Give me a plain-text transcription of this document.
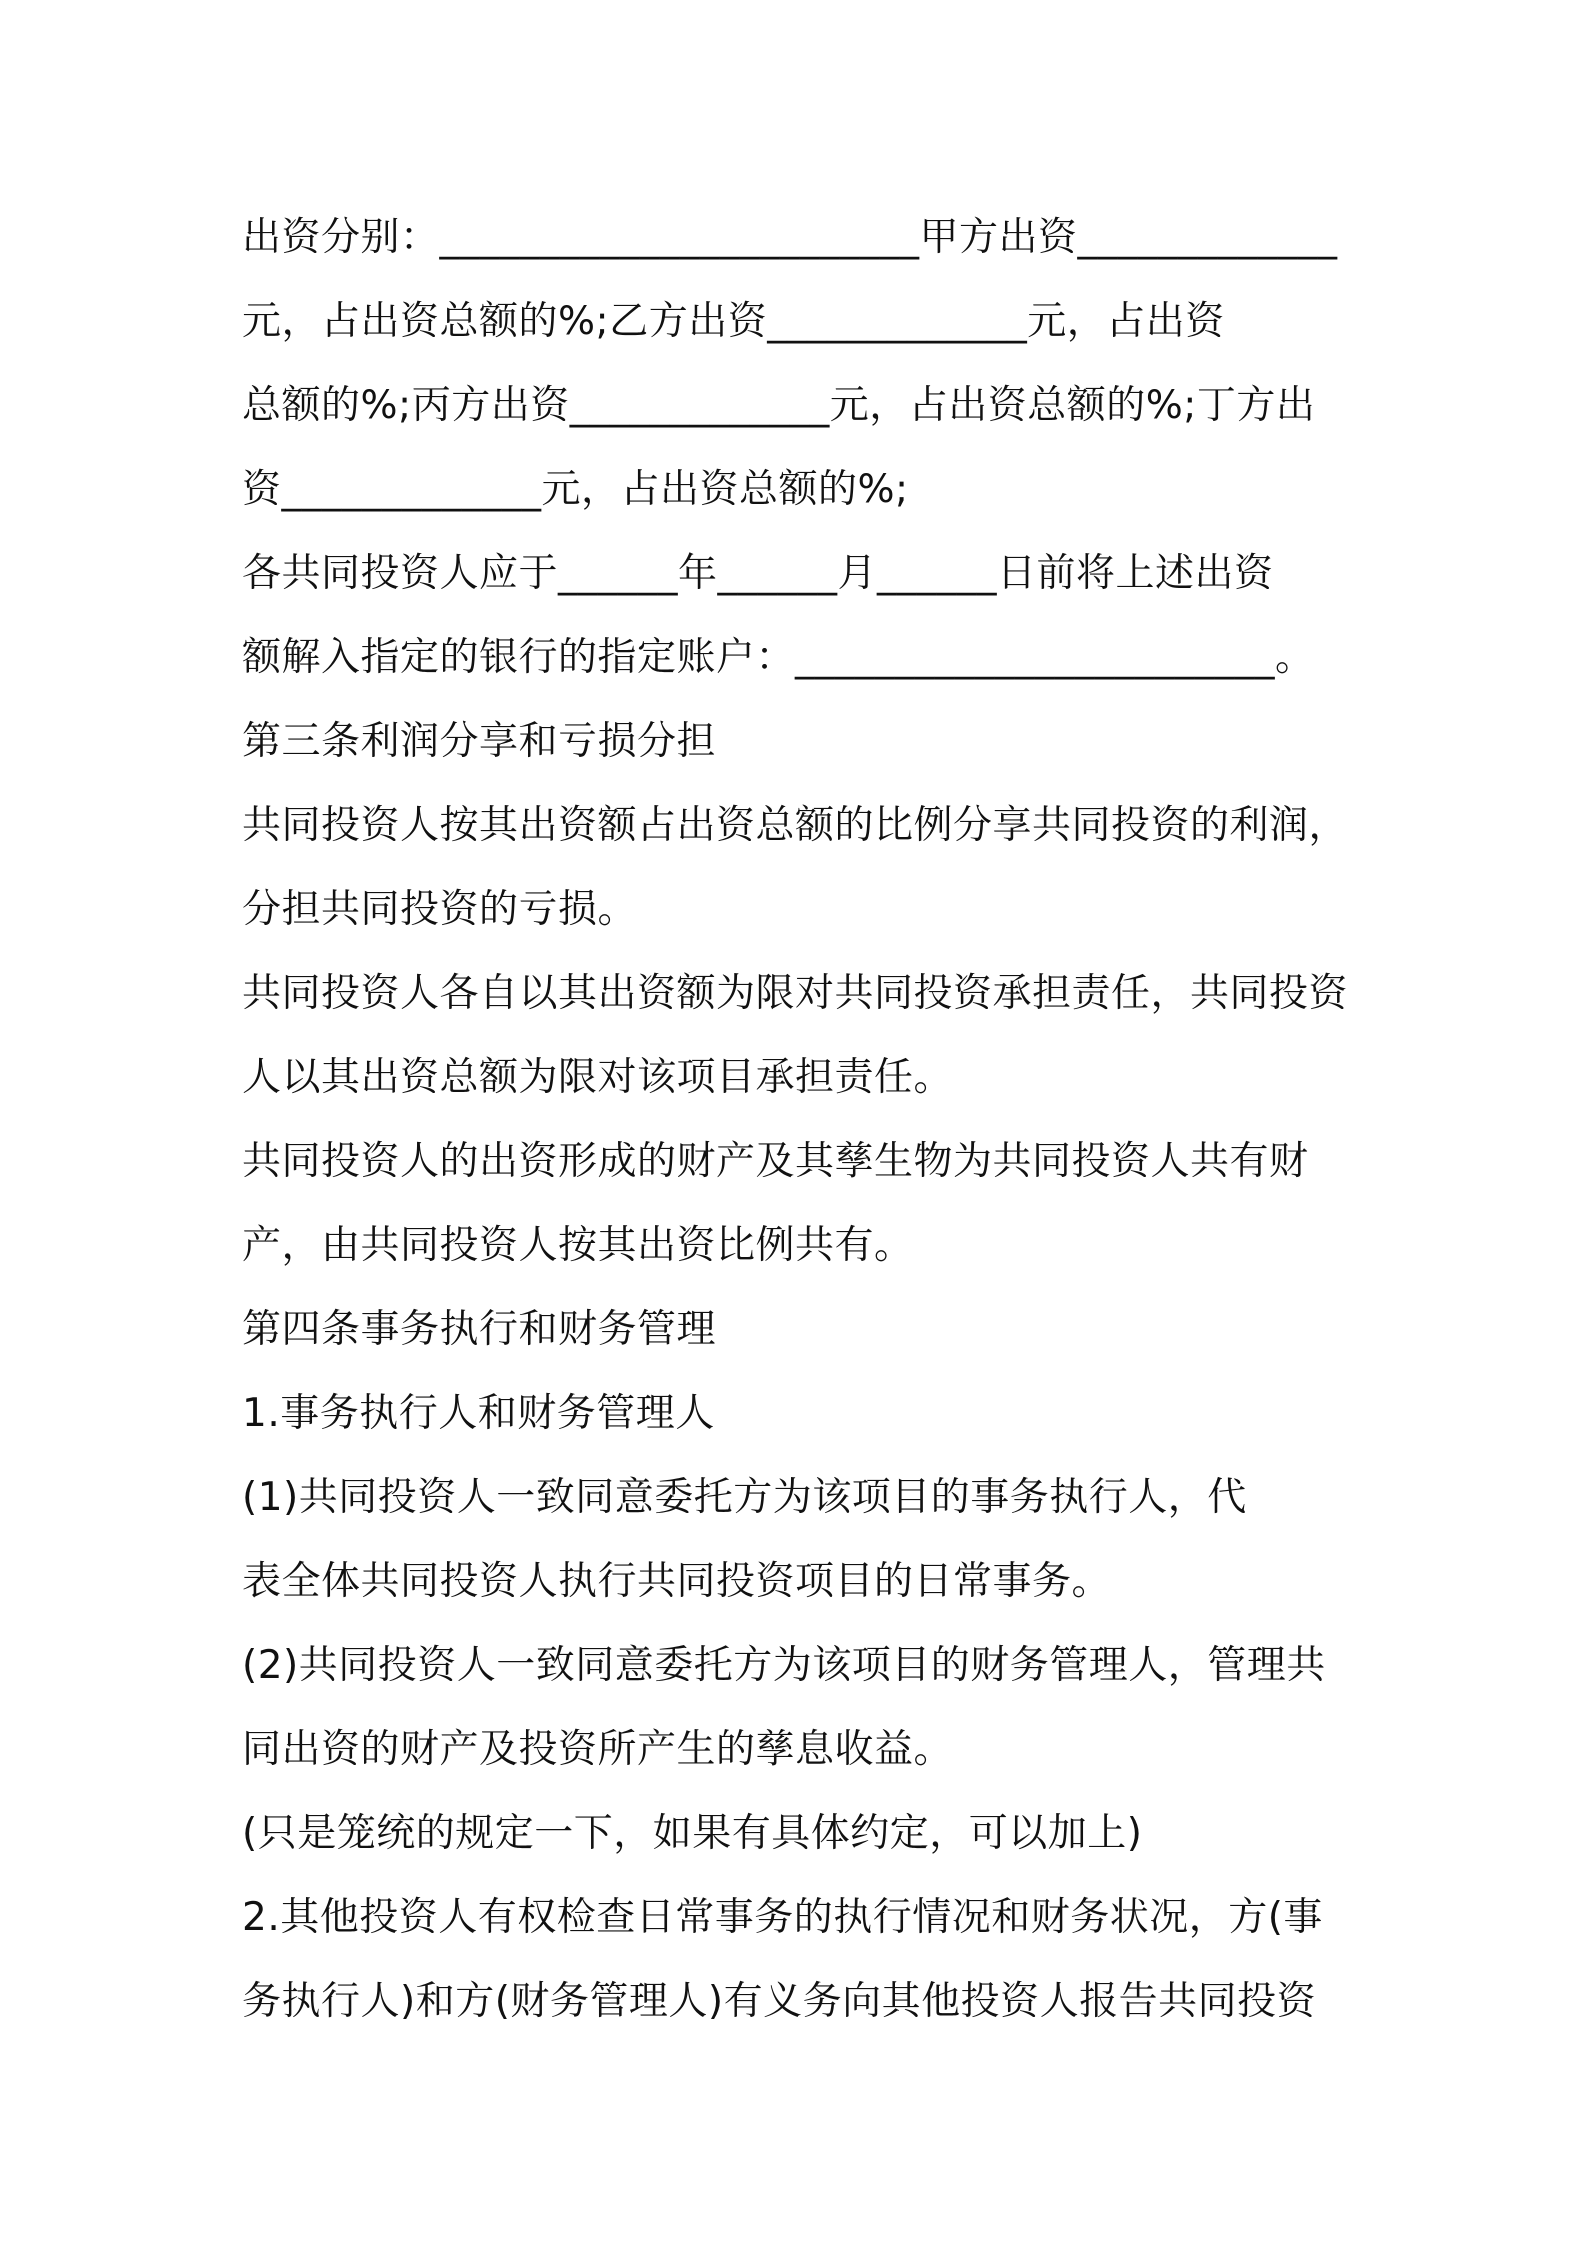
出资分别：________________________甲方出资_____________
元，占出资总额的%;乙方出资_____________元，占出资
总额的%;丙方出资_____________元，占出资总额的%;丁方出
资_____________元，占出资总额的%;
各共同投资人应于______年______月______日前将上述出资
额解入指定的银行的指定账户：________________________。
第三条利润分享和亏损分担
共同投资人按其出资额占出资总额的比例分享共同投资的利润，
分担共同投资的亏损。
共同投资人各自以其出资额为限对共同投资承担责任，共同投资
人以其出资总额为限对该项目承担责任。
共同投资人的出资形成的财产及其孳生物为共同投资人共有财
产，由共同投资人按其出资比例共有。
第四条事务执行和财务管理
1.事务执行人和财务管理人
(1)共同投资人一致同意委托方为该项目的事务执行人，代
表全体共同投资人执行共同投资项目的日常事务。
(2)共同投资人一致同意委托方为该项目的财务管理人，管理共
同出资的财产及投资所产生的孳息收益。
(只是笼统的规定一下，如果有具体约定，可以加上)
2.其他投资人有权检查日常事务的执行情况和财务状况，方(事
务执行人)和方(财务管理人)有义务向其他投资人报告共同投资
